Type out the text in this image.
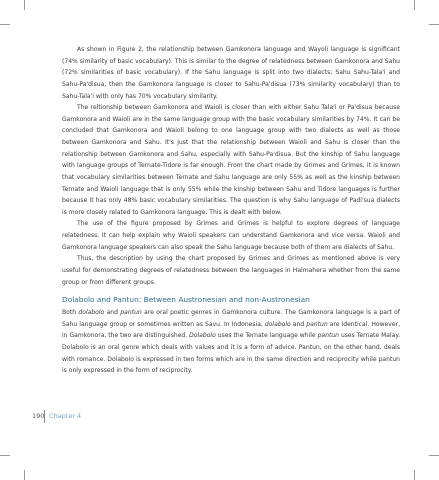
As shown in Figure 2, the relationship between Gamkonora language and Wayoli language is significant (74% similarity of basic vocabulary). This is similar to the degree of relatedness between Gamkonora and Sahu (72% similarities of basic vocabulary). If the Sahu language is split into two dialects; Sahu Sahu-Tala'i and Sahu-Pa'disua, then the Gamkonora language is closer to Sahu-Pa'disua (73% similarity vocabulary) than to Sahu-Tala'i with only has 70% vocabulary similarity.

The reltionship between Gamkonora and Waioli is closer than with either Sahu Tala'i or Pa'disua because Gamkonora and Waioli are in the same language group with the basic vocabulary similarities by 74%. It can be concluded that Gamkonora and Waioli belong to one language group with two dialects as well as those between Gamkonora and Sahu. It's just that the relationship between Waioli and Sahu is closer than the relationship between Gamkonora and Sahu, especially with Sahu-Pa'disua. But the kinship of Sahu language with language groups of Ternate-Tidore is far enough. From the chart made by Grimes and Grimes, it is known that vocabulary similarities between Ternate and Sahu language are only 55% as well as the kinship between Ternate and Waioli language that is only 55% while the kinship between Sahu and Tidore languages is further because it has only 48% basic vocabulary similarities. The question is why Sahu language of Padi'sua dialects is more closely related to Gamkonora language. This is dealt with below.

The use of the figure proposed by Grimes and Grimes is helpful to explore degrees of language relatedness. It can help explain why Waioli speakers can understand Gamkonora and vice versa. Waioli and Gamkonora language speakers can also speak the Sahu language because both of them are dialects of Sahu.

Thus, the description by using the chart proposed by Grimes and Grimes as mentioned above is very useful for demonstrating degrees of relatedness between the languages in Halmahera whether from the same group or from different groups.

Dolabolo and Pantun: Between Austronesian and non-Austronesian

Both dolabolo and pantun are oral poetic genres in Gamkonora culture. The Gamkonora language is a part of Sahu language group or sometimes written as Savu. In Indonesia, dolabolo and pantun are identical. However, in Gamkonora, the two are distinguished. Dolabolo uses the Ternate language while pantun uses Ternate Malay. Dolabolo is an oral genre which deals with values and it is a form of advice. Pantun, on the other hand, deals with romance. Dolabolo is expressed in two forms which are in the same direction and reciprocity while pantun is only expressed in the form of reciprocity.

190 Chapter 4
